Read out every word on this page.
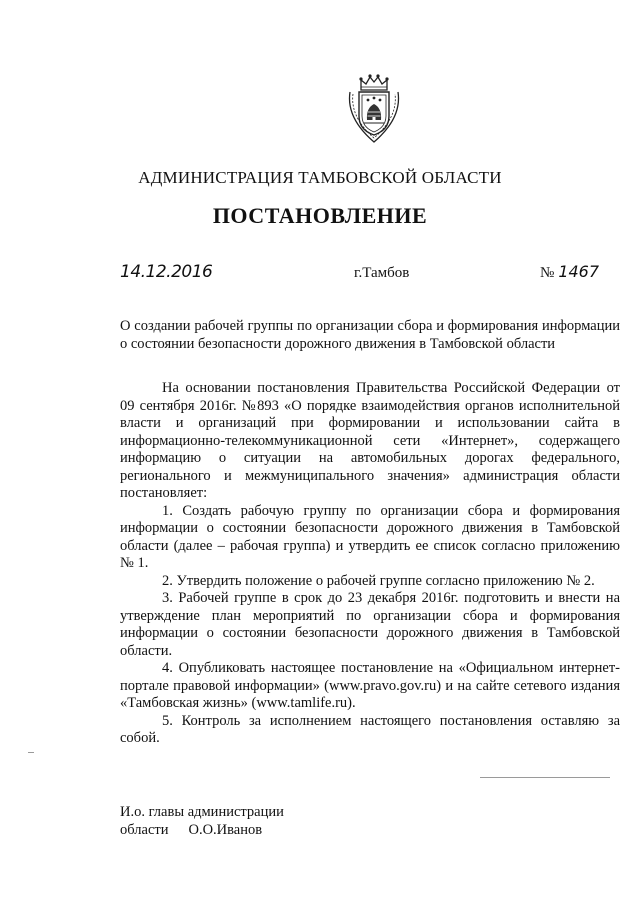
АДМИНИСТРАЦИЯ ТАМБОВСКОЙ ОБЛАСТИ
ПОСТАНОВЛЕНИЕ
14.12.2016	г.Тамбов	№ 1467
О создании рабочей группы по организации сбора и формирования информации о состоянии безопасности дорожного движения в Тамбовской области

На основании постановления Правительства Российской Федерации от 09 сентября 2016г. №893 «О порядке взаимодействия органов исполнительной власти и организаций при формировании и использовании сайта в информационно-телекоммуникационной сети «Интернет», содержащего информацию о ситуации на автомобильных дорогах федерального, регионального и межмуниципального значения» администрация области постановляет:

1. Создать рабочую группу по организации сбора и формирования информации о состоянии безопасности дорожного движения в Тамбовской области (далее – рабочая группа) и утвердить ее список согласно приложению № 1.

2. Утвердить положение о рабочей группе согласно приложению № 2.

3. Рабочей группе в срок до 23 декабря 2016г. подготовить и внести на утверждение план мероприятий по организации сбора и формирования информации о состоянии безопасности дорожного движения в Тамбовской области.

4. Опубликовать настоящее постановление на «Официальном интернет-портале правовой информации» (www.pravo.gov.ru) и на сайте сетевого издания «Тамбовская жизнь» (www.tamlife.ru).

5. Контроль за исполнением настоящего постановления оставляю за собой.

И.о. главы администрации
области О.О.Иванов
